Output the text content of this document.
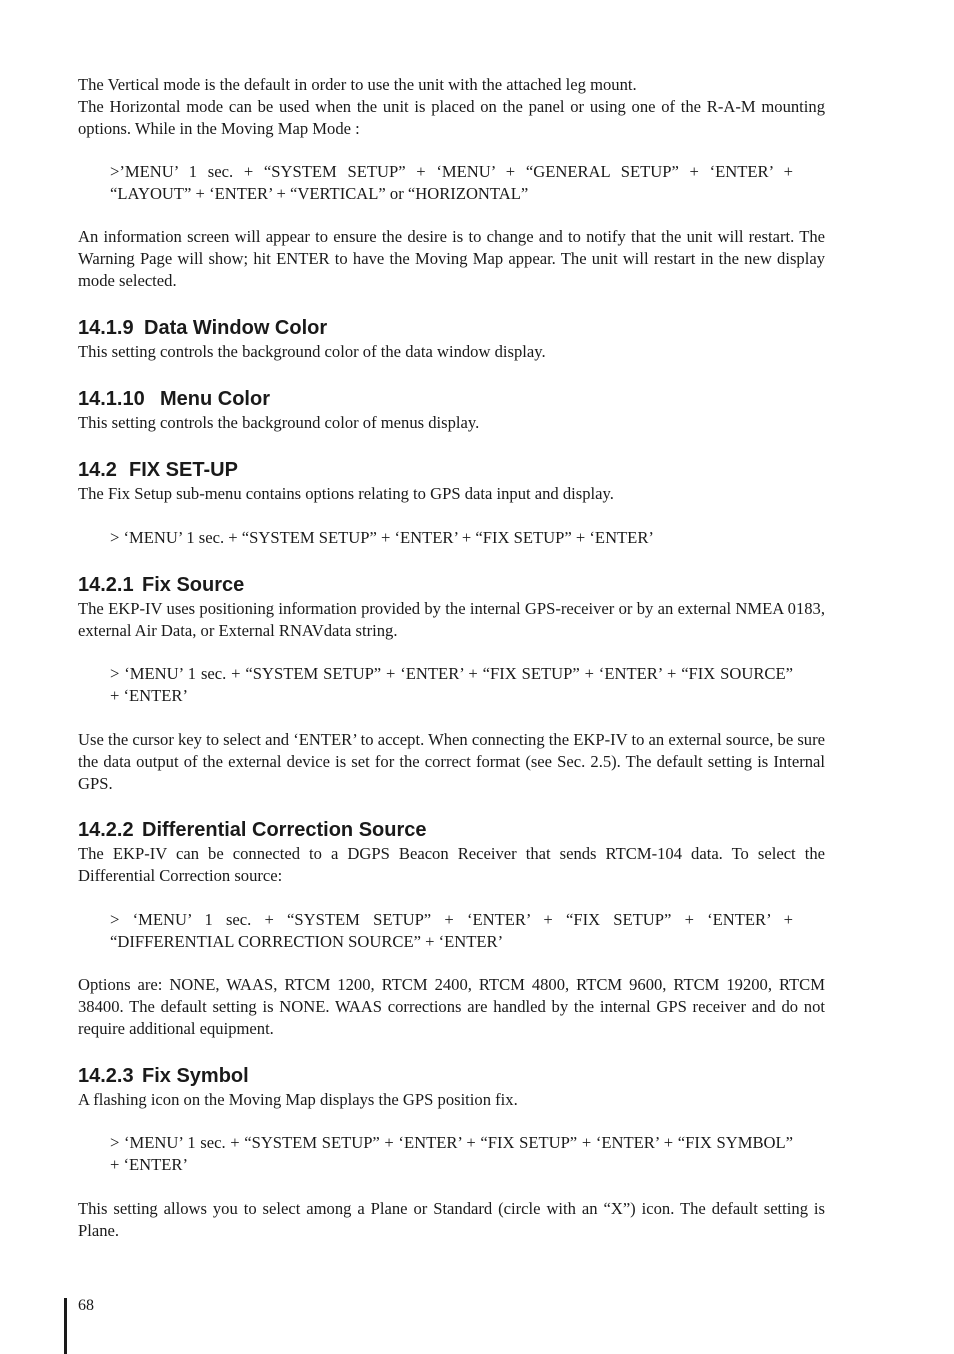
The Vertical mode is the default in order to use the unit with the attached leg mount.

The Horizontal mode can be used when the unit is placed on the panel or using one of the R-A-M mounting options. While in the Moving Map Mode :

>’MENU’ 1 sec. + “SYSTEM SETUP” + ‘MENU’ + “GENERAL SETUP” + ‘ENTER’ + “LAYOUT” + ‘ENTER’ + “VERTICAL” or “HORIZONTAL”

An information screen will appear to ensure the desire is to change and to notify that the unit will restart. The Warning Page will show; hit ENTER to have the Moving Map appear. The unit will restart in the new display mode selected.

14.1.9 Data Window Color

This setting controls the background color of the data window display.

14.1.10 Menu Color

This setting controls the background color of menus display.

14.2 FIX SET-UP

The Fix Setup sub-menu contains options relating to GPS data input and display.

> ‘MENU’ 1 sec. + “SYSTEM SETUP” + ‘ENTER’ + “FIX SETUP” + ‘ENTER’

14.2.1 Fix Source

The EKP-IV uses positioning information provided by the internal GPS-receiver or by an external NMEA 0183, external Air Data, or External RNAVdata string.

> ‘MENU’ 1 sec. + “SYSTEM SETUP” + ‘ENTER’ + “FIX SETUP” + ‘ENTER’ + “FIX SOURCE” + ‘ENTER’

Use the cursor key to select and ‘ENTER’ to accept. When connecting the EKP-IV to an external source, be sure the data output of the external device is set for the correct format (see Sec. 2.5). The default setting is Internal GPS.

14.2.2 Differential Correction Source

The EKP-IV can be connected to a DGPS Beacon Receiver that sends RTCM-104 data. To select the Differential Correction source:

> ‘MENU’ 1 sec. + “SYSTEM SETUP” + ‘ENTER’ + “FIX SETUP” + ‘ENTER’ + “DIFFERENTIAL CORRECTION SOURCE” + ‘ENTER’

Options are: NONE, WAAS, RTCM 1200, RTCM 2400, RTCM 4800, RTCM 9600, RTCM 19200, RTCM 38400. The default setting is NONE. WAAS corrections are handled by the internal GPS receiver and do not require additional equipment.

14.2.3 Fix Symbol

A flashing icon on the Moving Map displays the GPS position fix.

> ‘MENU’ 1 sec. + “SYSTEM SETUP” + ‘ENTER’ + “FIX SETUP” + ‘ENTER’ + “FIX SYMBOL” + ‘ENTER’

This setting allows you to select among a Plane or Standard (circle with an “X”) icon. The default setting is Plane.

68
